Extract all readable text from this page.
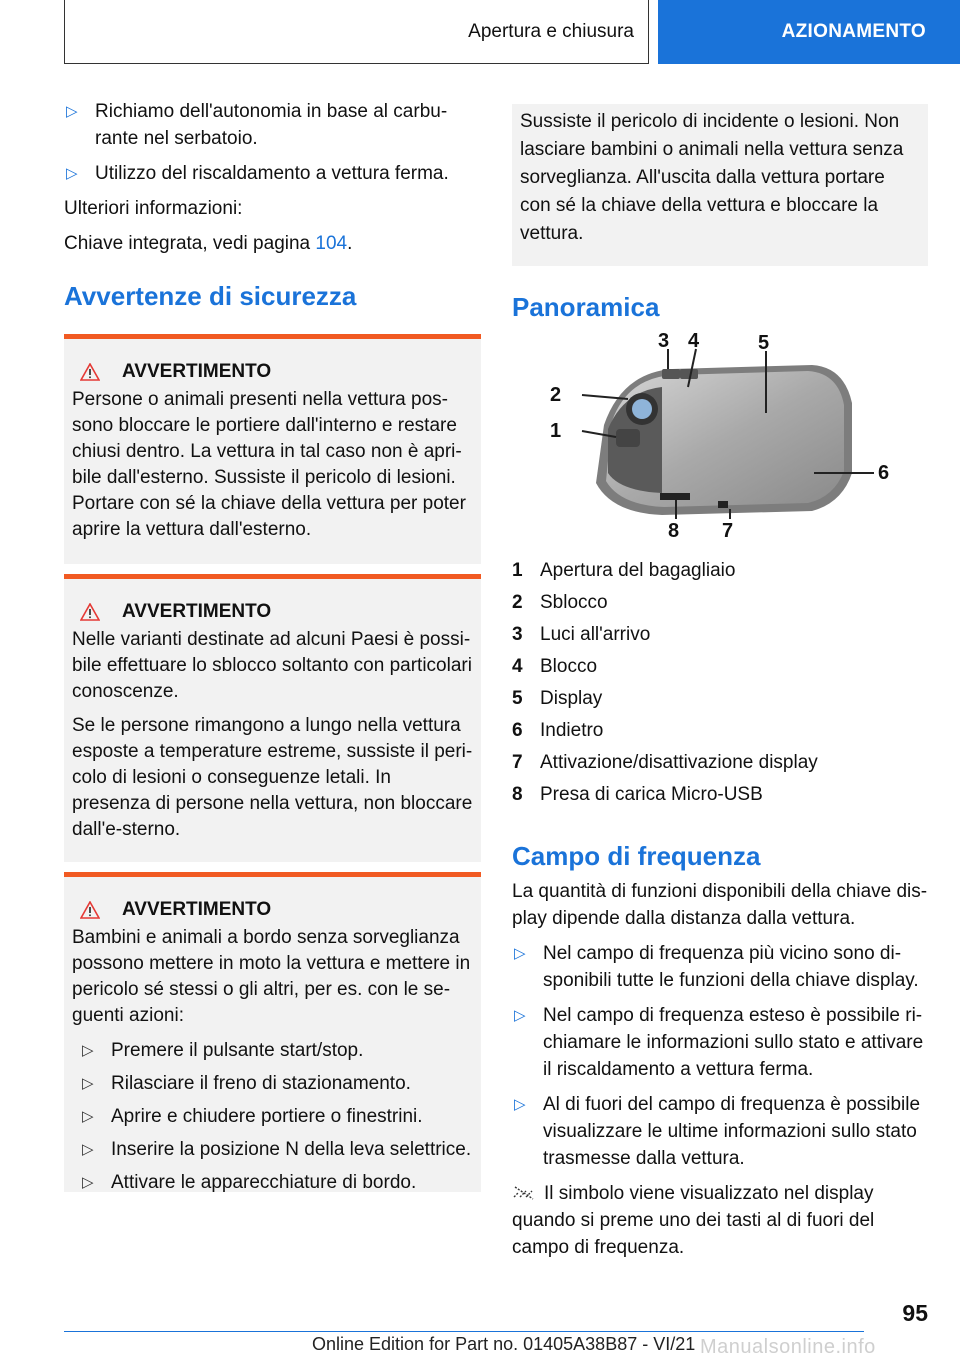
Apertura e chiusura	AZIONAMENTO
▷ Richiamo dell'autonomia in base al carbu-rante nel serbatoio.
▷ Utilizzo del riscaldamento a vettura ferma.

Ulteriori informazioni:

Chiave integrata, vedi pagina 104.

Avvertenze di sicurezza
AVVERTIMENTO

Persone o animali presenti nella vettura pos-sono bloccare le portiere dall'interno e restare chiusi dentro. La vettura in tal caso non è apri-bile dall'esterno. Sussiste il pericolo di lesioni. Portare con sé la chiave della vettura per poter aprire la vettura dall'esterno.

AVVERTIMENTO

Nelle varianti destinate ad alcuni Paesi è possi-bile effettuare lo sblocco soltanto con particolari conoscenze.

Se le persone rimangono a lungo nella vettura esposte a temperature estreme, sussiste il peri-colo di lesioni o conseguenze letali. In presenza di persone nella vettura, non bloccare dall'e-sterno.

AVVERTIMENTO

Bambini e animali a bordo senza sorveglianza possono mettere in moto la vettura e mettere in pericolo sé stessi o gli altri, per es. con le se-guenti azioni:

▷ Premere il pulsante start/stop.
▷ Rilasciare il freno di stazionamento.
▷ Aprire e chiudere portiere o finestrini.
▷ Inserire la posizione N della leva selettrice.
▷ Attivare le apparecchiature di bordo.

Sussiste il pericolo di incidente o lesioni. Non lasciare bambini o animali nella vettura senza sorveglianza. All'uscita dalla vettura portare con sé la chiave della vettura e bloccare la vettura.

Panoramica
1
2
3 4	5
6
7
8
1 Apertura del bagagliaio
2 Sblocco
3 Luci all'arrivo
4 Blocco
5 Display
6 Indietro
7 Attivazione/disattivazione display
8 Presa di carica Micro-USB
Campo di frequenza

La quantità di funzioni disponibili della chiave dis-play dipende dalla distanza dalla vettura.

▷ Nel campo di frequenza più vicino sono di-sponibili tutte le funzioni della chiave display.
▷ Nel campo di frequenza esteso è possibile ri-chiamare le informazioni sullo stato e attivare il riscaldamento a vettura ferma.
▷ Al di fuori del campo di frequenza è possibile visualizzare le ultime informazioni sullo stato trasmesse dalla vettura.

Il simbolo viene visualizzato nel display quando si preme uno dei tasti al di fuori del campo di frequenza.

95
Online Edition for Part no. 01405A38B87 - VI/21 Manualsonline.info
